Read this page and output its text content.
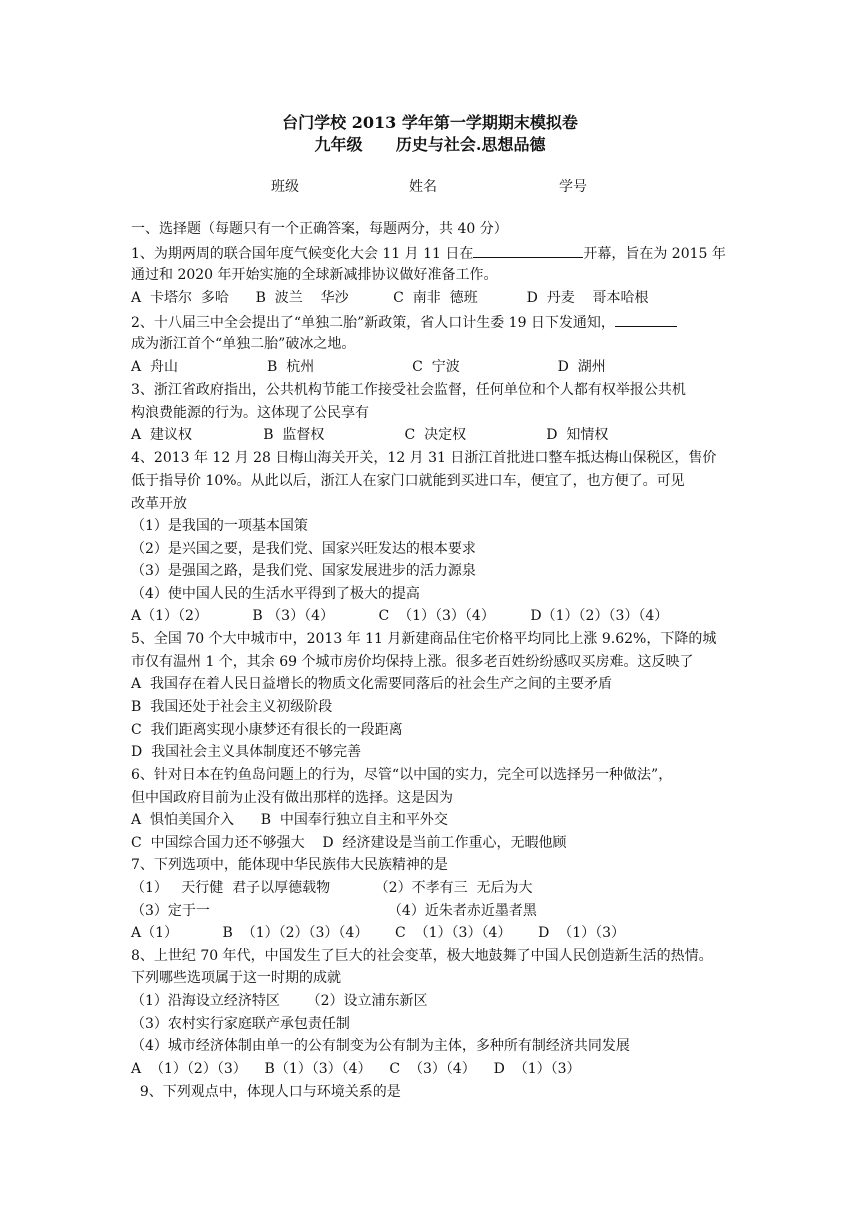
台门学校 2013 学年第一学期期末模拟卷
九年级      历史与社会.思想品德
班级	姓名	学号
一、选择题（每题只有一个正确答案，每题两分，共 40 分）
1、为期两周的联合国年度气候变化大会 11 月 11 日在	开幕，旨在为 2015 年
通过和 2020 年开始实施的全球新减排协议做好准备工作。
A  卡塔尔  多哈      B  波兰    华沙          C  南非  德班           D  丹麦    哥本哈根
2、十八届三中全会提出了“单独二胎”新政策，省人口计生委 19 日下发通知，
成为浙江首个“单独二胎”破冰之地。
A  舟山                    B  杭州                      C  宁波                      D  湖州
3、浙江省政府指出，公共机构节能工作接受社会监督，任何单位和个人都有权举报公共机
构浪费能源的行为。这体现了公民享有
A  建议权                B  监督权                  C  决定权                  D  知情权
4、2013 年 12 月 28 日梅山海关开关，12 月 31 日浙江首批进口整车抵达梅山保税区，售价
低于指导价 10%。从此以后，浙江人在家门口就能到买进口车，便宜了，也方便了。可见
改革开放
（1）是我国的一项基本国策
（2）是兴国之要，是我们党、国家兴旺发达的根本要求
（3）是强国之路，是我们党、国家发展进步的活力源泉
（4）使中国人民的生活水平得到了极大的提高
A（1）（2）          B （3）（4）          C  （1）（3）（4）        D（1）（2）（3）（4）
5、全国 70 个大中城市中，2013 年 11 月新建商品住宅价格平均同比上涨 9.62%，下降的城
市仅有温州 1 个，其余 69 个城市房价均保持上涨。很多老百姓纷纷感叹买房难。这反映了
A  我国存在着人民日益增长的物质文化需要同落后的社会生产之间的主要矛盾
B  我国还处于社会主义初级阶段
C  我们距离实现小康梦还有很长的一段距离
D  我国社会主义具体制度还不够完善
6、针对日本在钓鱼岛问题上的行为，尽管“以中国的实力，完全可以选择另一种做法”，
但中国政府目前为止没有做出那样的选择。这是因为
A  惧怕美国介入      B  中国奉行独立自主和平外交
C  中国综合国力还不够强大    D  经济建设是当前工作重心，无暇他顾
7、下列选项中，能体现中华民族伟大民族精神的是
（1）   天行健  君子以厚德载物          （2）不孝有三  无后为大
（3）定于一                                        （4）近朱者赤近墨者黑
A（1）          B  （1）（2）（3）（4）      C  （1）（3）（4）      D  （1）（3）
8、上世纪 70 年代，中国发生了巨大的社会变革，极大地鼓舞了中国人民创造新生活的热情。
下列哪些选项属于这一时期的成就
（1）沿海设立经济特区      （2）设立浦东新区
（3）农村实行家庭联产承包责任制
（4）城市经济体制由单一的公有制变为公有制为主体，多种所有制经济共同发展
A  （1）（2）（3）    B（1）（3）（4）    C  （3）（4）    D  （1）（3）
9、下列观点中，体现人口与环境关系的是
